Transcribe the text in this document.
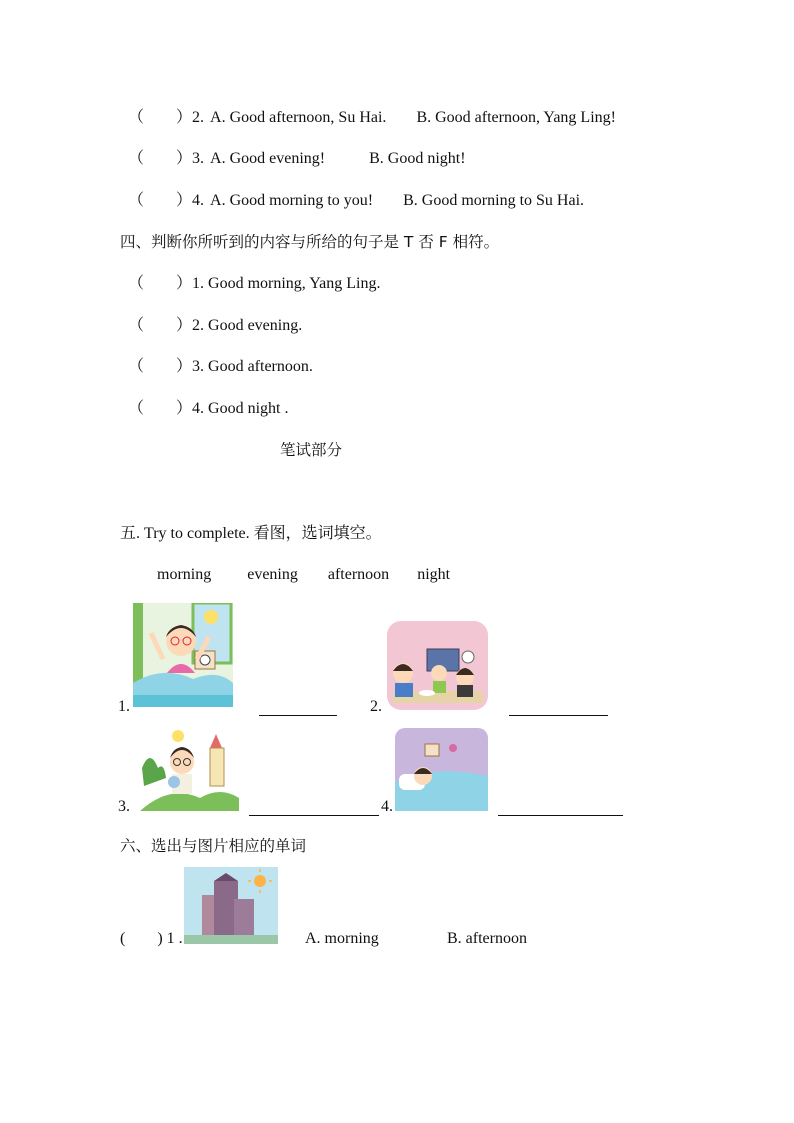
（　　）2. A. Good afternoon, Su Hai. B. Good afternoon, Yang Ling!
（　　）3. A. Good evening!	B. Good night!
（　　）4. A. Good morning to you! B. Good morning to Su Hai.
四、判断你所听到的内容与所给的句子是 T 否 F 相符。
（　　）1. Good morning, Yang Ling.
（　　）2. Good evening.
（　　）3. Good afternoon.
（　　）4. Good night .
笔试部分
五. Try to complete. 看图，选词填空。
morning evening afternoon night
1.	2.
3.	4.
六、选出与图片相应的单词
(　　) 1 .	A. morning	B. afternoon
